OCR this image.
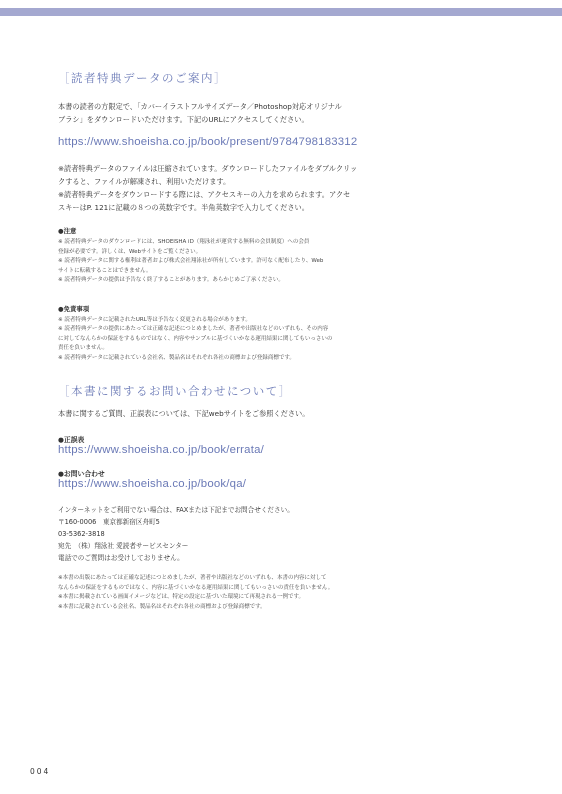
［読者特典データのご案内］

本書の読者の方限定で、「カバーイラストフルサイズデータ／Photoshop対応オリジナル

ブラシ」をダウンロードいただけます。下記のURLにアクセスしてください。

https://www.shoeisha.co.jp/book/present/9784798183312

※読者特典データのファイルは圧縮されています。ダウンロードしたファイルをダブルクリッ

クすると、ファイルが解凍され、利用いただけます。

※読者特典データをダウンロードする際には、アクセスキーの入力を求められます。アクセ

スキーはP. 121に記載の８つの英数字です。半角英数字で入力してください。

●注意

※ 読者特典データのダウンロードには、SHOEISHA iD（翔泳社が運営する無料の会員制度）への会員

登録が必要です。詳しくは、Webサイトをご覧ください。

※ 読者特典データに関する権利は著者および株式会社翔泳社が所有しています。許可なく配布したり、Web

サイトに転載することはできません。

※ 読者特典データの提供は予告なく終了することがあります。あらかじめご了承ください。

●免責事項

※ 読者特典データに記載されたURL等は予告なく変更される場合があります。

※ 読者特典データの提供にあたっては正確な記述につとめましたが、著者や出版社などのいずれも、その内容

に対してなんらかの保証をするものではなく、内容やサンプルに基づくいかなる運用結果に関してもいっさいの

責任を負いません。

※ 読者特典データに記載されている会社名、製品名はそれぞれ各社の商標および登録商標です。

［本書に関するお問い合わせについて］

本書に関するご質問、正誤表については、下記webサイトをご参照ください。

●正誤表

https://www.shoeisha.co.jp/book/errata/

●お問い合わせ

https://www.shoeisha.co.jp/book/qa/

インターネットをご利用でない場合は、FAXまたは下記までお問合せください。

〒160-0006　東京都新宿区舟町5

03-5362-3818

宛先　（株）翔泳社 愛読者サービスセンター

電話でのご質問はお受けしておりません。

※本書の出版にあたっては正確な記述につとめましたが、著者や出版社などのいずれも、本書の内容に対して

なんらかの保証をするものではなく、内容に基づくいかなる運用結果に関してもいっさいの責任を負いません。

※本書に掲載されている画面イメージなどは、特定の設定に基づいた環境にて再現される一例です。

※本書に記載されている会社名、製品名はそれぞれ各社の商標および登録商標です。

004
